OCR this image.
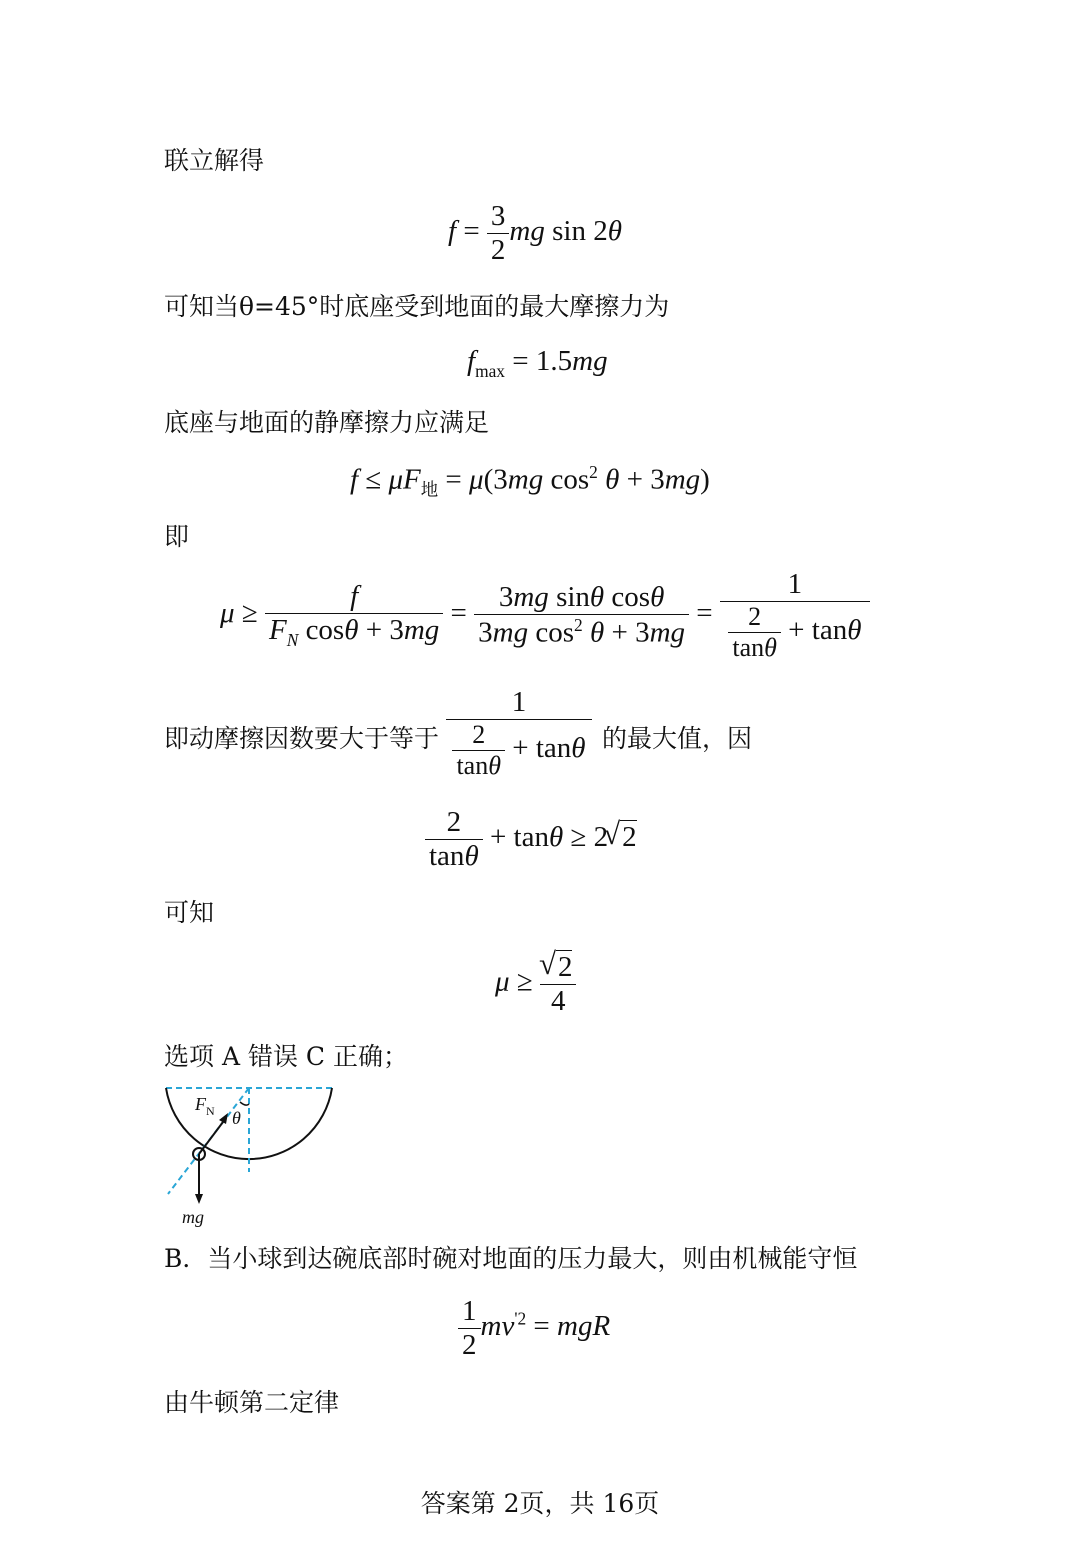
联立解得
$f = \frac{3}{2}$ mg sin 2θ
可知当θ=45°时底座受到地面的最大摩擦力为
$f_{max} = 1.5mg$
底座与地面的静摩擦力应满足
$f \le \mu F_地 = \mu(3mg$ $\cos^2 \theta + 3mg$)
即
$\mu \ge \frac{f}{F_N \cos\theta + 3mg} = \frac{\text{3mg sinθ cosθ}}{3mg \cos^2 \theta + 3mg} = \frac{1}{\frac{2}{\tan\theta} + \tan\theta}$
即动摩擦因数要大于等于 $\frac{1}{\frac{2}{\tan\theta} + \tan\theta}$ 的最大值，因
$\frac{2}{\tan\theta} + \tan\theta \ge 2√$ 2
可知
μ ≥
√ $\frac{2}{4}$
选项 A 错误 C 正确；
$F_N$ θ
mg
B．当小球到达碗底部时碗对地面的压力最大，则由机械能守恒
$\frac{1}{2} mv^{'2}$ = mgR
由牛顿第二定律
答案第 2页，共 16页
